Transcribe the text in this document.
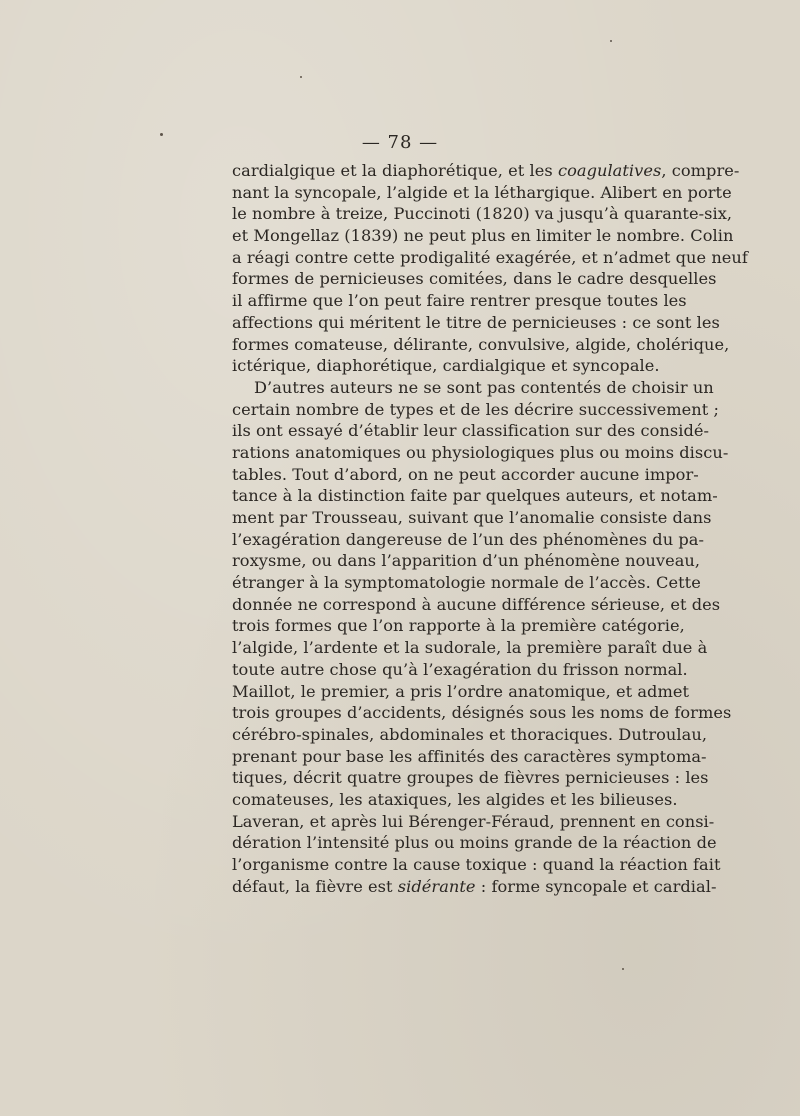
— 78 —
cardialgique et la diaphorétique, et les coagulatives, compre-
nant la syncopale, l’algide et la léthargique. Alibert en porte
le nombre à treize, Puccinoti (1820) va jusqu’à quarante-six,
et Mongellaz (1839) ne peut plus en limiter le nombre. Colin
a réagi contre cette prodigalité exagérée, et n’admet que neuf
formes de pernicieuses comitées, dans le cadre desquelles
il affirme que l’on peut faire rentrer presque toutes les
affections qui méritent le titre de pernicieuses : ce sont les
formes comateuse, délirante, convulsive, algide, cholérique,
ictérique, diaphorétique, cardialgique et syncopale.
D’autres auteurs ne se sont pas contentés de choisir un
certain nombre de types et de les décrire successivement ;
ils ont essayé d’établir leur classification sur des considé-
rations anatomiques ou physiologiques plus ou moins discu-
tables. Tout d’abord, on ne peut accorder aucune impor-
tance à la distinction faite par quelques auteurs, et notam-
ment par Trousseau, suivant que l’anomalie consiste dans
l’exagération dangereuse de l’un des phénomènes du pa-
roxysme, ou dans l’apparition d’un phénomène nouveau,
étranger à la symptomatologie normale de l’accès. Cette
donnée ne correspond à aucune différence sérieuse, et des
trois formes que l’on rapporte à la première catégorie,
l’algide, l’ardente et la sudorale, la première paraît due à
toute autre chose qu’à l’exagération du frisson normal.
Maillot, le premier, a pris l’ordre anatomique, et admet
trois groupes d’accidents, désignés sous les noms de formes
cérébro-spinales, abdominales et thoraciques. Dutroulau,
prenant pour base les affinités des caractères symptoma-
tiques, décrit quatre groupes de fièvres pernicieuses : les
comateuses, les ataxiques, les algides et les bilieuses.
Laveran, et après lui Bérenger-Féraud, prennent en consi-
dération l’intensité plus ou moins grande de la réaction de
l’organisme contre la cause toxique : quand la réaction fait
défaut, la fièvre est sidérante : forme syncopale et cardial-
